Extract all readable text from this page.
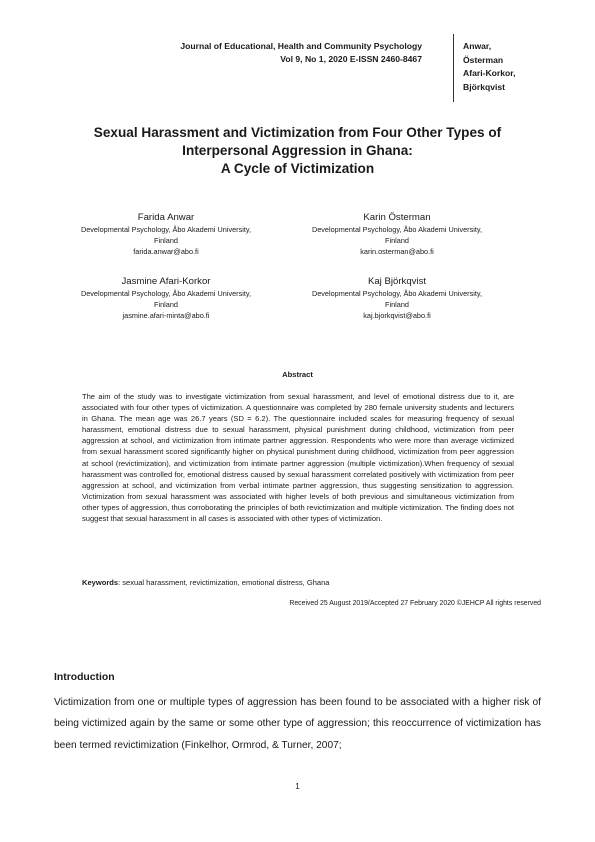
Journal of Educational, Health and Community Psychology
Vol 9, No 1, 2020 E-ISSN 2460-8467
Anwar,
Österman
Afari-Korkor,
Björkqvist
Sexual Harassment and Victimization from Four Other Types of
Interpersonal Aggression in Ghana:
A Cycle of Victimization
Farida Anwar
Developmental Psychology, Åbo Akademi University,
Finland
farida.anwar@abo.fi
Karin Österman
Developmental Psychology, Åbo Akademi University,
Finland
karin.osterman@abo.fi
Jasmine Afari-Korkor
Developmental Psychology, Åbo Akademi University,
Finland
jasmine.afari-minta@abo.fi
Kaj Björkqvist
Developmental Psychology, Åbo Akademi University,
Finland
kaj.bjorkqvist@abo.fi
Abstract
The aim of the study was to investigate victimization from sexual harassment, and level of emotional distress due to it, are associated with four other types of victimization. A questionnaire was completed by 280 female university students and lecturers in Ghana. The mean age was 26.7 years (SD = 6.2). The questionnaire included scales for measuring frequency of sexual harassment, emotional distress due to sexual harassment, physical punishment during childhood, victimization from peer aggression at school, and victimization from intimate partner aggression. Respondents who were more than average victimized from sexual harassment scored significantly higher on physical punishment during childhood, victimization from peer aggression at school (revictimization), and victimization from intimate partner aggression (multiple victimization).When frequency of sexual harassment was controlled for, emotional distress caused by sexual harassment correlated positively with victimization from peer aggression at school, and victimization from verbal intimate partner aggression, thus suggesting sensitization to aggression. Victimization from sexual harassment was associated with higher levels of both previous and simultaneous victimization from other types of aggression, thus corroborating the principles of both revictimization and multiple victimization. The finding does not suggest that sexual harassment in all cases is associated with other types of victimization.
Keywords: sexual harassment, revictimization, emotional distress, Ghana
Received 25 August 2019/Accepted 27 February 2020 ©JEHCP All rights reserved
Introduction
Victimization from one or multiple types of aggression has been found to be associated with a higher risk of being victimized again by the same or some other type of aggression; this reoccurrence of victimization has been termed revictimization (Finkelhor, Ormrod, & Turner, 2007;
1
